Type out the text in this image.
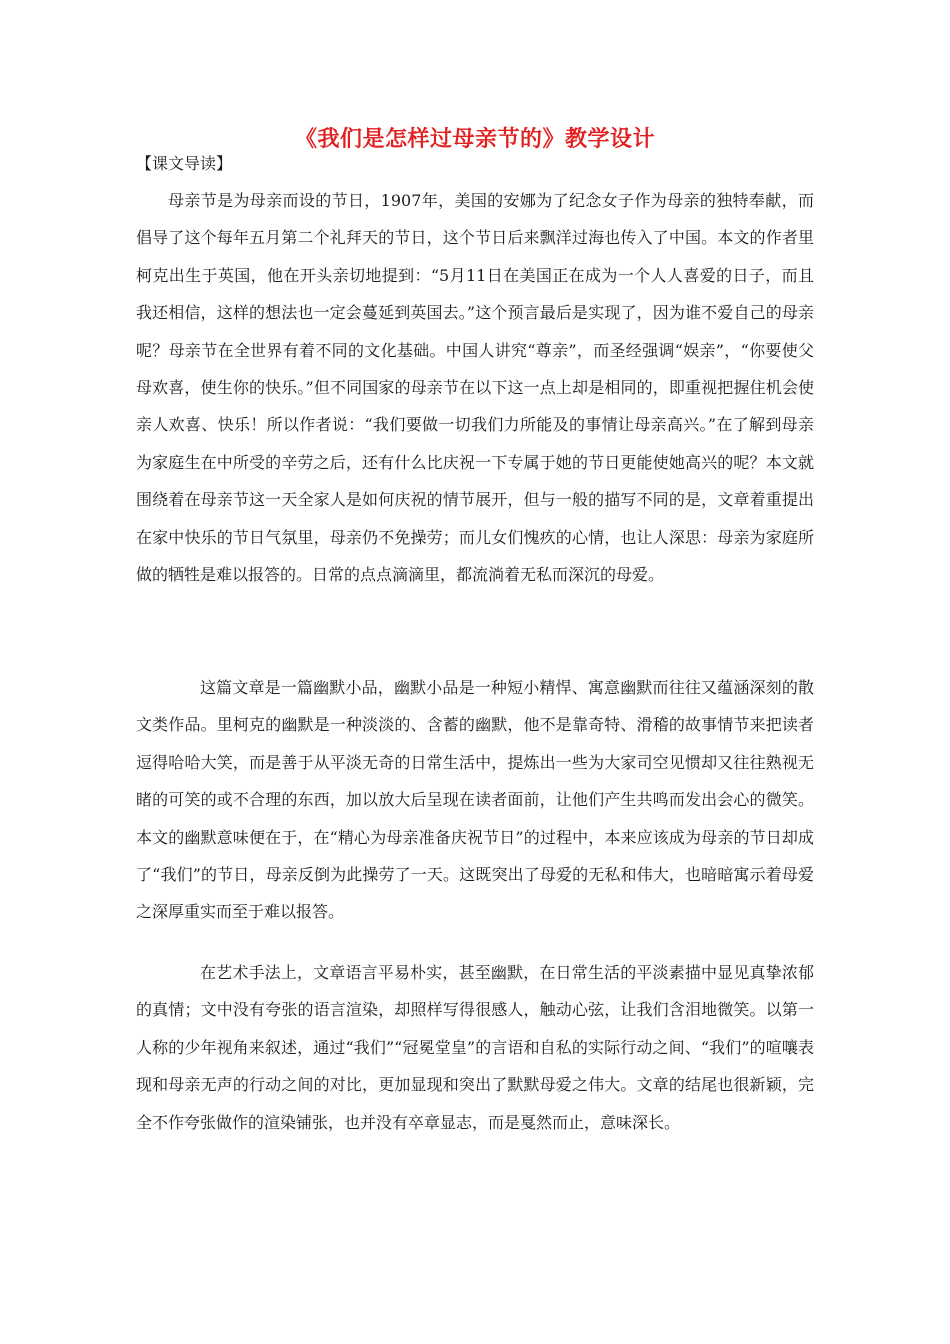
《我们是怎样过母亲节的》教学设计
【课文导读】

母亲节是为母亲而设的节日，1907年，美国的安娜为了纪念女子作为母亲的独特奉献，而倡导了这个每年五月第二个礼拜天的节日，这个节日后来飘洋过海也传入了中国。本文的作者里柯克出生于英国，他在开头亲切地提到：“5月11日在美国正在成为一个人人喜爱的日子，而且我还相信，这样的想法也一定会蔓延到英国去。”这个预言最后是实现了，因为谁不爱自己的母亲呢？母亲节在全世界有着不同的文化基础。中国人讲究“尊亲”，而圣经强调“娱亲”，“你要使父母欢喜，使生你的快乐。”但不同国家的母亲节在以下这一点上却是相同的，即重视把握住机会使亲人欢喜、快乐！所以作者说：“我们要做一切我们力所能及的事情让母亲高兴。”在了解到母亲为家庭生在中所受的辛劳之后，还有什么比庆祝一下专属于她的节日更能使她高兴的呢？本文就围绕着在母亲节这一天全家人是如何庆祝的情节展开，但与一般的描写不同的是，文章着重提出在家中快乐的节日气氛里，母亲仍不免操劳；而儿女们愧疚的心情，也让人深思：母亲为家庭所做的牺牲是难以报答的。日常的点点滴滴里，都流淌着无私而深沉的母爱。

这篇文章是一篇幽默小品，幽默小品是一种短小精悍、寓意幽默而往往又蕴涵深刻的散文类作品。里柯克的幽默是一种淡淡的、含蓄的幽默，他不是靠奇特、滑稽的故事情节来把读者逗得哈哈大笑，而是善于从平淡无奇的日常生活中，提炼出一些为大家司空见惯却又往往熟视无睹的可笑的或不合理的东西，加以放大后呈现在读者面前，让他们产生共鸣而发出会心的微笑。本文的幽默意味便在于，在“精心为母亲准备庆祝节日”的过程中，本来应该成为母亲的节日却成了“我们”的节日，母亲反倒为此操劳了一天。这既突出了母爱的无私和伟大，也暗暗寓示着母爱之深厚重实而至于难以报答。

在艺术手法上，文章语言平易朴实，甚至幽默，在日常生活的平淡素描中显见真挚浓郁的真情；文中没有夸张的语言渲染，却照样写得很感人，触动心弦，让我们含泪地微笑。以第一人称的少年视角来叙述，通过“我们”“冠冕堂皇”的言语和自私的实际行动之间、“我们”的喧嚷表现和母亲无声的行动之间的对比，更加显现和突出了默默母爱之伟大。文章的结尾也很新颖，完全不作夸张做作的渲染铺张，也并没有卒章显志，而是戛然而止，意味深长。
